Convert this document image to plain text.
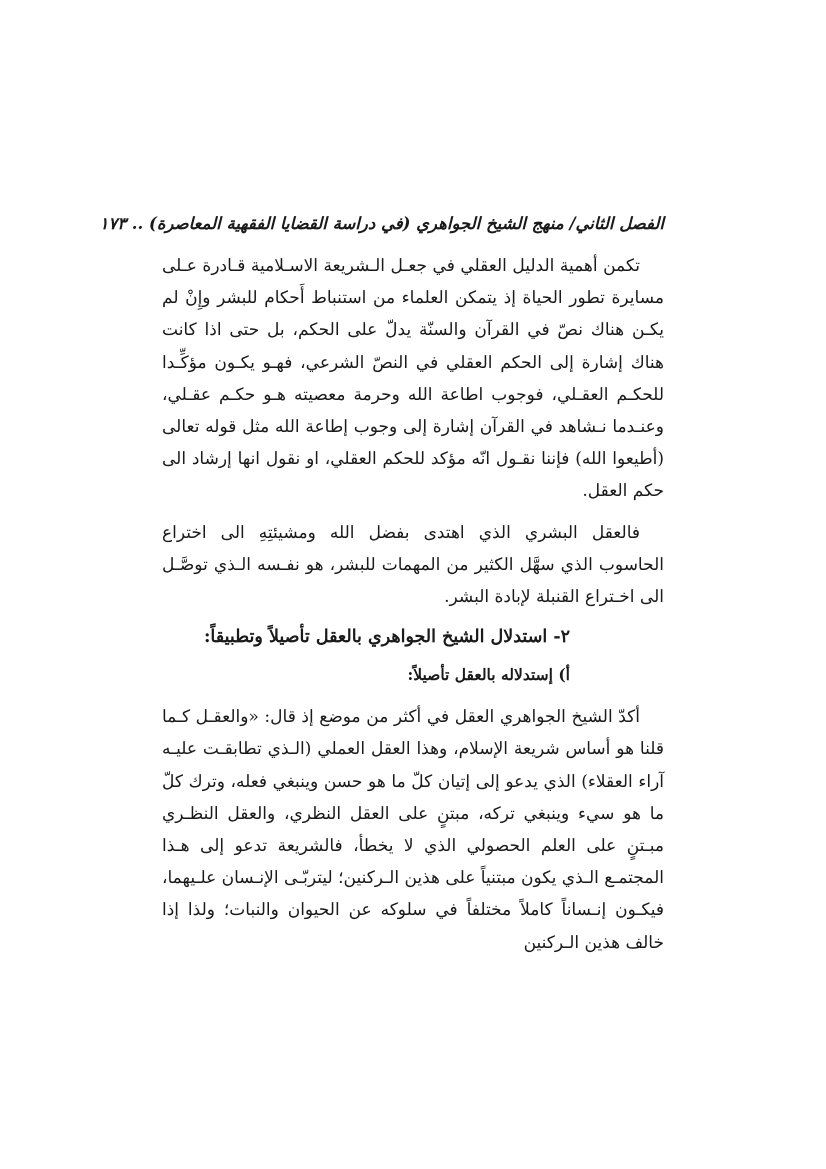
الفصل الثاني/ منهج الشيخ الجواهري (في دراسة القضايا الفقهية المعاصرة) .. ١٧٣

تكمن أهمية الدليل العقلي في جعـل الـشريعة الاسـلامية قـادرة عـلى مسايرة تطور الحياة إذ يتمكن العلماء من استنباط أَحكام للبشر وإِنْ لم يكـن هناك نصّ في القرآن والسنّة يدلّ على الحكم، بل حتى اذا كانت هناك إشارة إلى الحكم العقلي في النصّ الشرعي، فهـو يكـون مؤكِّـدا للحكـم العقـلي، فوجوب اطاعة الله وحرمة معصيته هـو حكـم عقـلي، وعنـدما نـشاهد في القرآن إشارة إلى وجوب إطاعة الله مثل قوله تعالى (أطيعوا الله) فإننا نقـول انّه مؤكد للحكم العقلي، او نقول انها إرشاد الى حكم العقل.

فالعقل البشري الذي اهتدى بفضل الله ومشيئتِهِ الى اختراع الحاسوب الذي سهَّل الكثير من المهمات للبشر، هو نفـسه الـذي توصَّـل الى اخـتراع القنبلة لإبادة البشر.

٢- استدلال الشيخ الجواهري بالعقل تأصيلاً وتطبيقاً:
أ) إستدلاله بالعقل تأصيلاً:

أكدّ الشيخ الجواهري العقل في أكثر من موضع إذ قال: «والعقـل كـما قلنا هو أساس شريعة الإسلام، وهذا العقل العملي (الـذي تطابقـت عليـه آراء العقلاء) الذي يدعو إلى إتيان كلّ ما هو حسن وينبغي فعله، وترك كلّ ما هو سيء وينبغي تركه، مبتنٍ على العقل النظري، والعقل النظـري مبـتنٍ على العلم الحصولي الذي لا يخطأ، فالشريعة تدعو إلى هـذا المجتمـع الـذي يكون مبتنياً على هذين الـركنين؛ ليتربّـى الإنـسان علـيهما، فيكـون إنـساناً كاملاً مختلفاً في سلوكه عن الحيوان والنبات؛ ولذا إذا خالف هذين الـركنين
